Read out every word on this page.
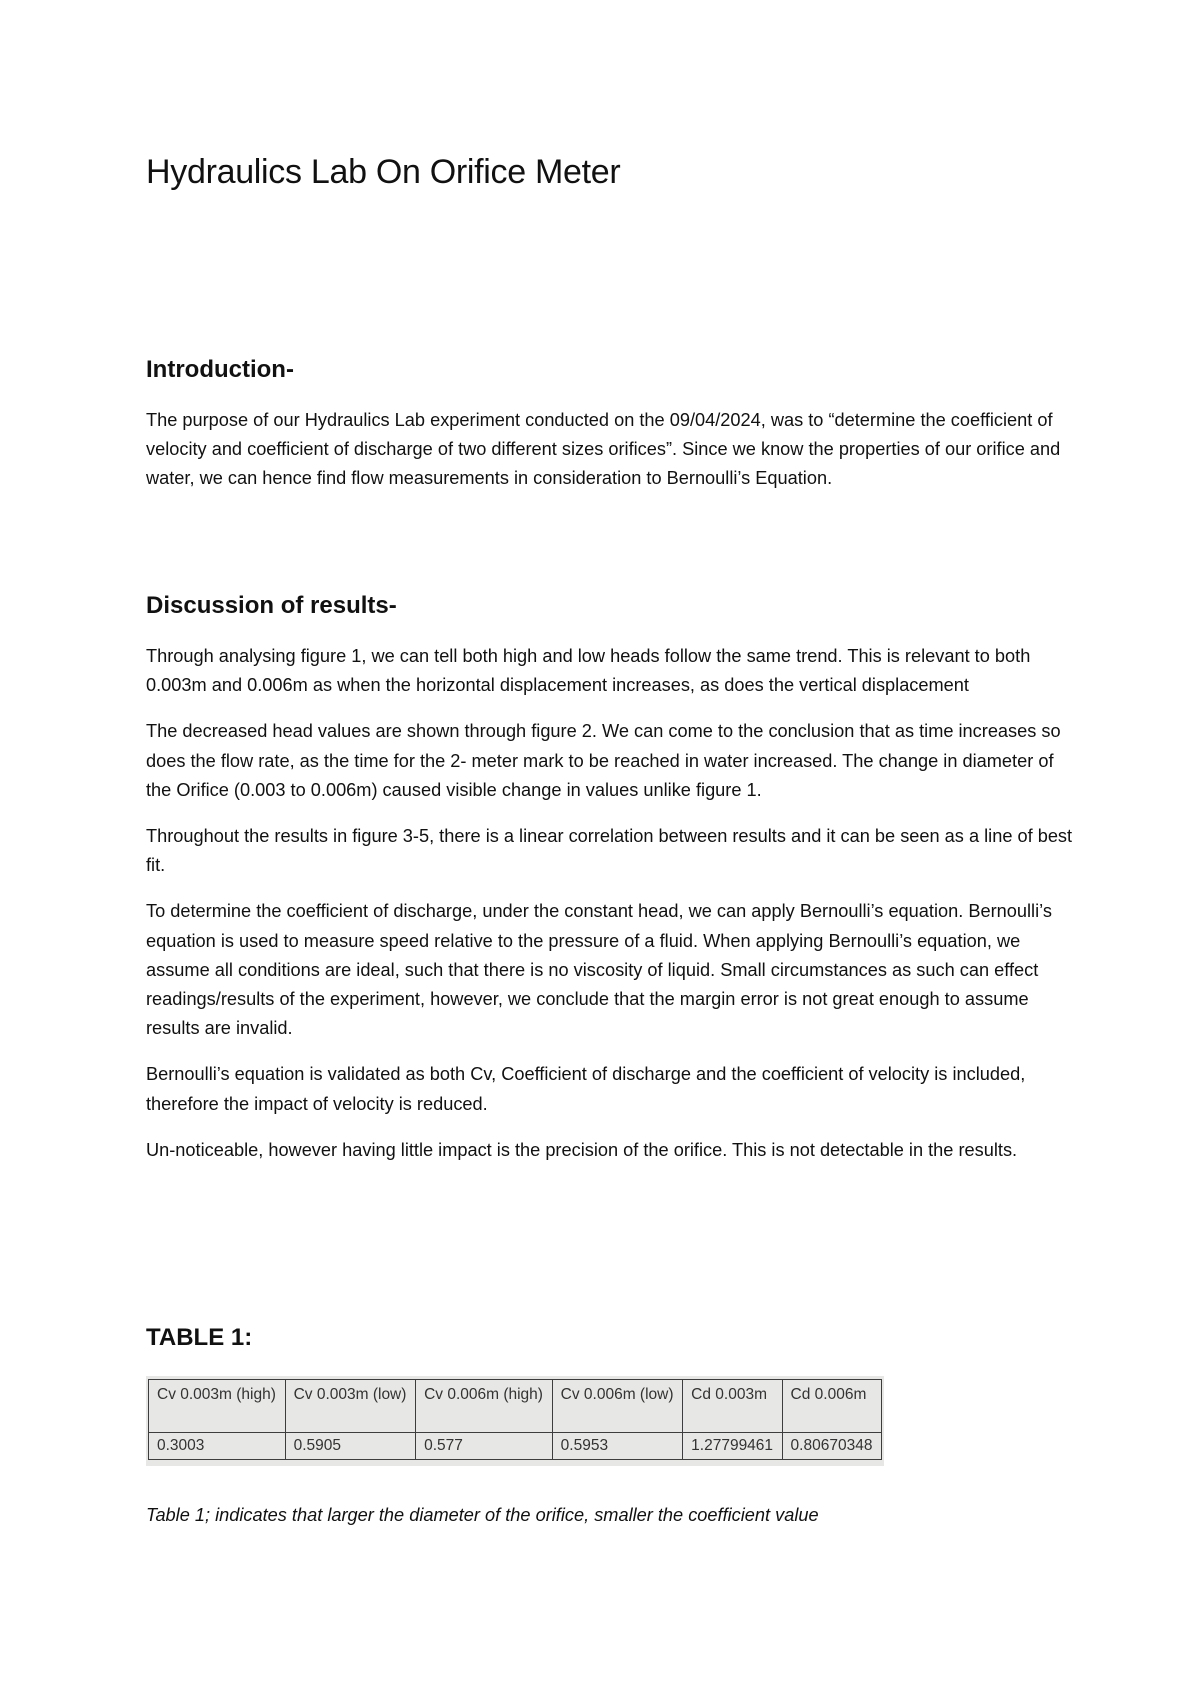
Hydraulics Lab On Orifice Meter
Introduction-

The purpose of our Hydraulics Lab experiment conducted on the 09/04/2024, was to “determine the coefficient of velocity and coefficient of discharge of two different sizes orifices”. Since we know the properties of our orifice and water, we can hence find flow measurements in consideration to Bernoulli’s Equation.

Discussion of results-

Through analysing figure 1, we can tell both high and low heads follow the same trend. This is relevant to both 0.003m and 0.006m as when the horizontal displacement increases, as does the vertical displacement

The decreased head values are shown through figure 2. We can come to the conclusion that as time increases so does the flow rate, as the time for the 2- meter mark to be reached in water increased. The change in diameter of the Orifice (0.003 to 0.006m) caused visible change in values unlike figure 1.

Throughout the results in figure 3-5, there is a linear correlation between results and it can be seen as a line of best fit.

To determine the coefficient of discharge, under the constant head, we can apply Bernoulli’s equation. Bernoulli’s equation is used to measure speed relative to the pressure of a fluid. When applying Bernoulli’s equation, we assume all conditions are ideal, such that there is no viscosity of liquid. Small circumstances as such can effect readings/results of the experiment, however, we conclude that the margin error is not great enough to assume results are invalid.

Bernoulli’s equation is validated as both Cv, Coefficient of discharge and the coefficient of velocity is included, therefore the impact of velocity is reduced.

Un-noticeable, however having little impact is the precision of the orifice. This is not detectable in the results.

TABLE 1:
Cv 0.003m (high)	Cv 0.003m (low)	Cv 0.006m (high)	Cv 0.006m (low)	Cd 0.003m	Cd 0.006m
0.3003	0.5905	0.577	0.5953	1.27799461	0.80670348

Table 1; indicates that larger the diameter of the orifice, smaller the coefficient value
